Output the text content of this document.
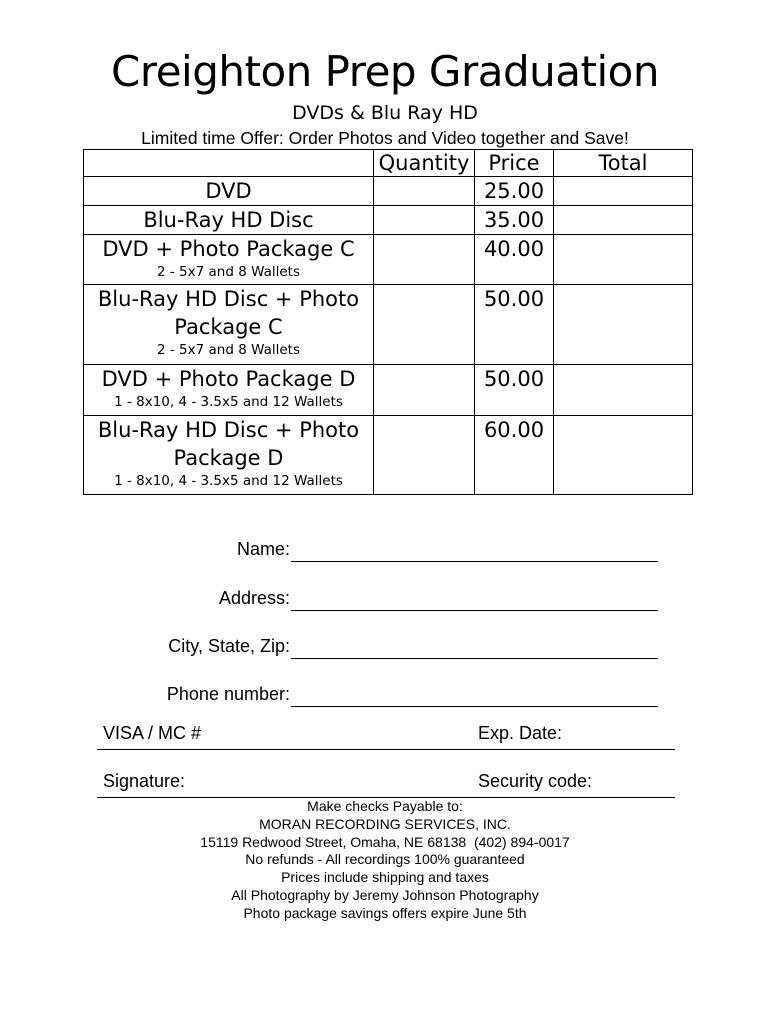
Creighton Prep Graduation
DVDs & Blu Ray HD
Limited time Offer: Order Photos and Video together and Save!
	Quantity	Price	Total

DVD		25.00	

Blu-Ray HD Disc		35.00	

DVD + Photo Package C
2 - 5x7 and 8 Wallets		40.00	

Blu-Ray HD Disc + Photo Package C
2 - 5x7 and 8 Wallets		50.00	

DVD + Photo Package D
1 - 8x10, 4 - 3.5x5 and 12 Wallets		50.00	

Blu-Ray HD Disc + Photo Package D
1 - 8x10, 4 - 3.5x5 and 12 Wallets		60.00	
Name:
Address:
City, State, Zip:
Phone number:
VISA / MC #	Exp. Date:
Signature:	Security code:
Make checks Payable to:
MORAN RECORDING SERVICES, INC.
15119 Redwood Street, Omaha, NE 68138  (402) 894-0017
No refunds - All recordings 100% guaranteed
Prices include shipping and taxes
All Photography by Jeremy Johnson Photography
Photo package savings offers expire June 5th
